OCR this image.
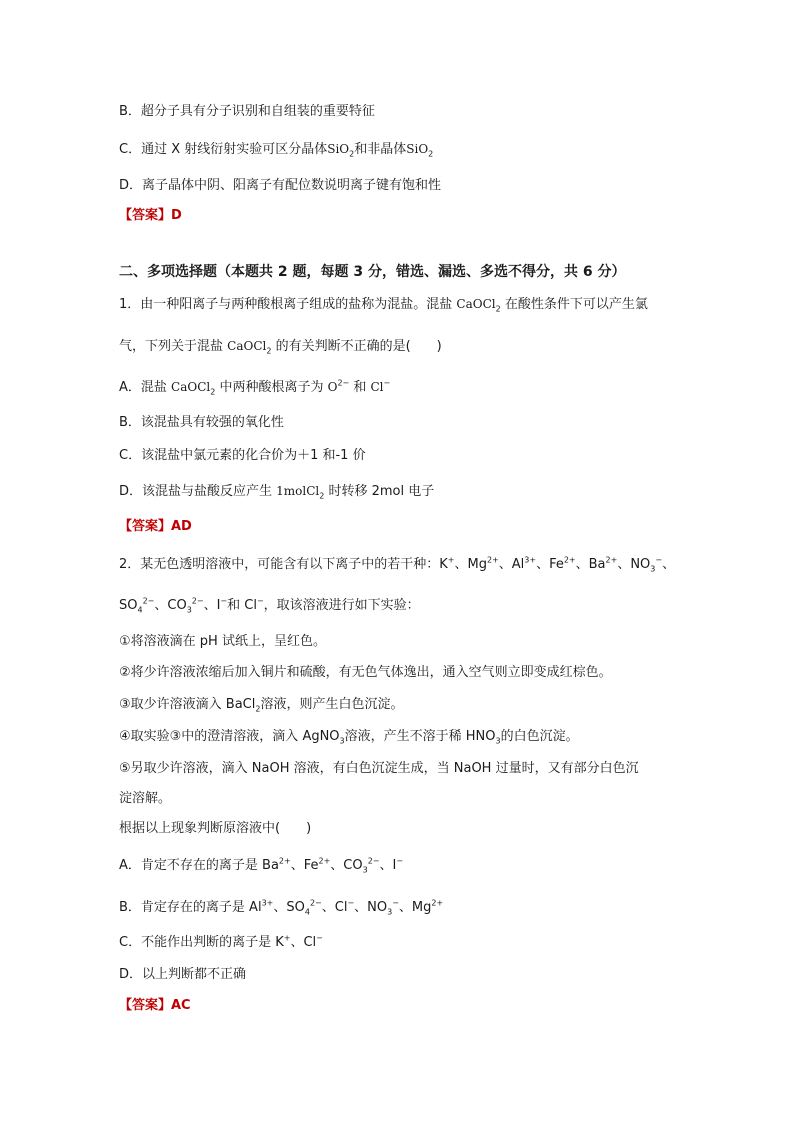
B．超分子具有分子识别和自组装的重要特征
C．通过 X 射线衍射实验可区分晶体SiO$_2$和非晶体SiO$_2$
D．离子晶体中阴、阳离子有配位数说明离子键有饱和性
【答案】D
二、多项选择题（本题共 2 题，每题 3 分，错选、漏选、多选不得分，共 6 分）
1．由一种阳离子与两种酸根离子组成的盐称为混盐。混盐 CaOCl$_2$ 在酸性条件下可以产生氯
气，下列关于混盐 CaOCl$_2$ 的有关判断不正确的是(　　)
A．混盐 CaOCl$_2$ 中两种酸根离子为 $O^{2-}$ 和 Cl−
B．该混盐具有较强的氧化性
C．该混盐中氯元素的化合价为＋1 和-1 价
D．该混盐与盐酸反应产生 1molCl$_2$ 时转移 2mol 电子
【答案】AD
2．某无色透明溶液中，可能含有以下离子中的若干种：K+、$Mg^{2+}$、$Al^{3+}$、$Fe^{2+}$、$Ba^{2+}$、$NO_3^-$、
$SO_4^{2-}$、$CO_3^{2-}$、I−和 Cl−，取该溶液进行如下实验：
①将溶液滴在 pH 试纸上，呈红色。
②将少许溶液浓缩后加入铜片和硫酸，有无色气体逸出，通入空气则立即变成红棕色。
③取少许溶液滴入 BaCl$_2$溶液，则产生白色沉淀。
④取实验③中的澄清溶液，滴入 AgNO$_3$溶液，产生不溶于稀 $HNO_3$的白色沉淀。
⑤另取少许溶液，滴入 NaOH 溶液，有白色沉淀生成，当 NaOH 过量时，又有部分白色沉
淀溶解。
根据以上现象判断原溶液中(　　)
A．肯定不存在的离子是 $Ba^{2+}$、$Fe^{2+}$、$CO_3^{2-}$、I−
B．肯定存在的离子是 $Al^{3+}$、$SO_4^{2-}$、Cl−、$NO_3^-$、$Mg^{2+}$
C．不能作出判断的离子是 K+、Cl−
D．以上判断都不正确
【答案】AC
